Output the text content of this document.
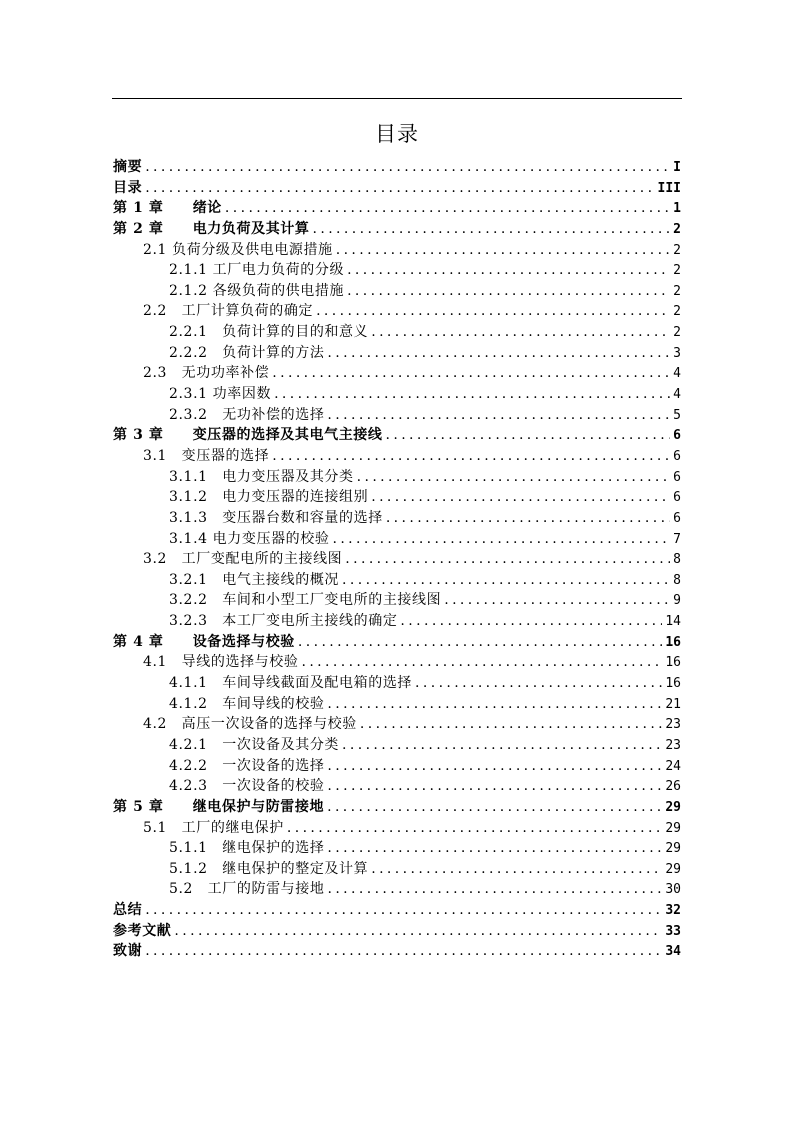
目录
摘要 .....	I
目录 .....	III
第 1 章　　绪论 .....	1
第 2 章　　电力负荷及其计算 .....	2
2.1 负荷分级及供电电源措施 .....	2
2.1.1 工厂电力负荷的分级 .....	2
2.1.2 各级负荷的供电措施 .....	2
2.2　工厂计算负荷的确定 .....	2
2.2.1　负荷计算的目的和意义 .....	2
2.2.2　负荷计算的方法 .....	3
2.3　无功功率补偿 .....	4
2.3.1 功率因数 .....	4
2.3.2　无功补偿的选择 .....	5
第 3 章　　变压器的选择及其电气主接线 .....	6
3.1　变压器的选择 .....	6
3.1.1　电力变压器及其分类 .....	6
3.1.2　电力变压器的连接组别 .....	6
3.1.3　变压器台数和容量的选择 .....	6
3.1.4 电力变压器的校验 .....	7
3.2　工厂变配电所的主接线图 .....	8
3.2.1　电气主接线的概况 .....	8
3.2.2　车间和小型工厂变电所的主接线图 .....	9
3.2.3　本工厂变电所主接线的确定 .....	14
第 4 章　　设备选择与校验 .....	16
4.1　导线的选择与校验 .....	16
4.1.1　车间导线截面及配电箱的选择 .....	16
4.1.2　车间导线的校验 .....	21
4.2　高压一次设备的选择与校验 .....	23
4.2.1　一次设备及其分类 .....	23
4.2.2　一次设备的选择 .....	24
4.2.3　一次设备的校验 .....	26
第 5 章　　继电保护与防雷接地 .....	29
5.1　工厂的继电保护 .....	29
5.1.1　继电保护的选择 .....	29
5.1.2　继电保护的整定及计算 .....	29
5.2　工厂的防雷与接地 .....	30
总结 .....	32
参考文献 .....	33
致谢 .....	34
